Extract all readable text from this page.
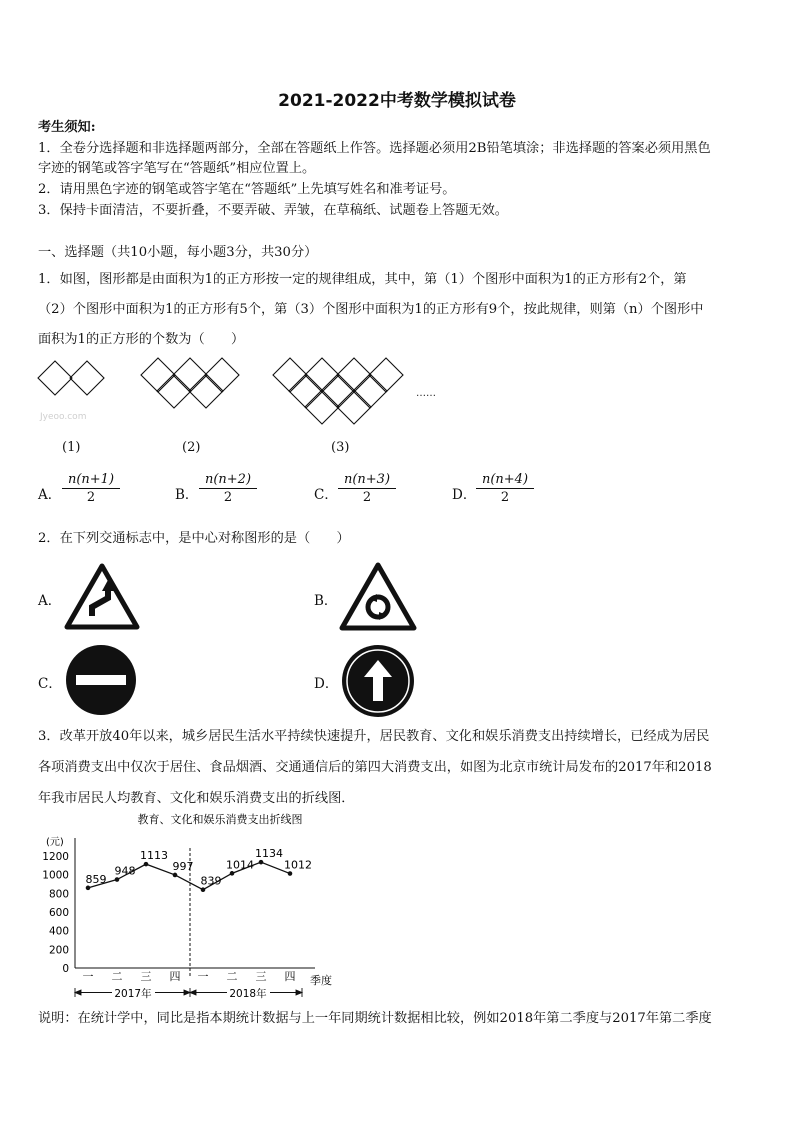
2021-2022中考数学模拟试卷
考生须知:
1．全卷分选择题和非选择题两部分，全部在答题纸上作答。选择题必须用2B铅笔填涂；非选择题的答案必须用黑色
字迹的钢笔或答字笔写在“答题纸”相应位置上。
2．请用黑色字迹的钢笔或答字笔在“答题纸”上先填写姓名和准考证号。
3．保持卡面清洁，不要折叠，不要弄破、弄皱，在草稿纸、试题卷上答题无效。
一、选择题（共10小题，每小题3分，共30分）
1．如图，图形都是由面积为1的正方形按一定的规律组成，其中，第（1）个图形中面积为1的正方形有2个，第
（2）个图形中面积为1的正方形有5个，第（3）个图形中面积为1的正方形有9个，按此规律，则第（n）个图形中
面积为1的正方形的个数为（　　）
……
Jyeoo.com
(1)	(2)	(3)
A． $\frac{n(n+1)}{2}$	B． $\frac{n(n+2)}{2}$	C． $\frac{n(n+3)}{2}$	D． $\frac{n(n+4)}{2}$
2．在下列交通标志中，是中心对称图形的是（　　）
A．	B．
C．	D．
3．改革开放40年以来，城乡居民生活水平持续快速提升，居民教育、文化和娱乐消费支出持续增长，已经成为居民
各项消费支出中仅次于居住、食品烟酒、交通通信后的第四大消费支出，如图为北京市统计局发布的2017年和2018
年我市居民人均教育、文化和娱乐消费支出的折线图．
教育、文化和娱乐消费支出折线图
(元)
0
200
400
600
800
1000
1200
一 二 三 四 一 二 三 四
859
948
1113
997
839
1014
1134
1012
季度
2017年	2018年
说明：在统计学中，同比是指本期统计数据与上一年同期统计数据相比较，例如2018年第二季度与2017年第二季度
